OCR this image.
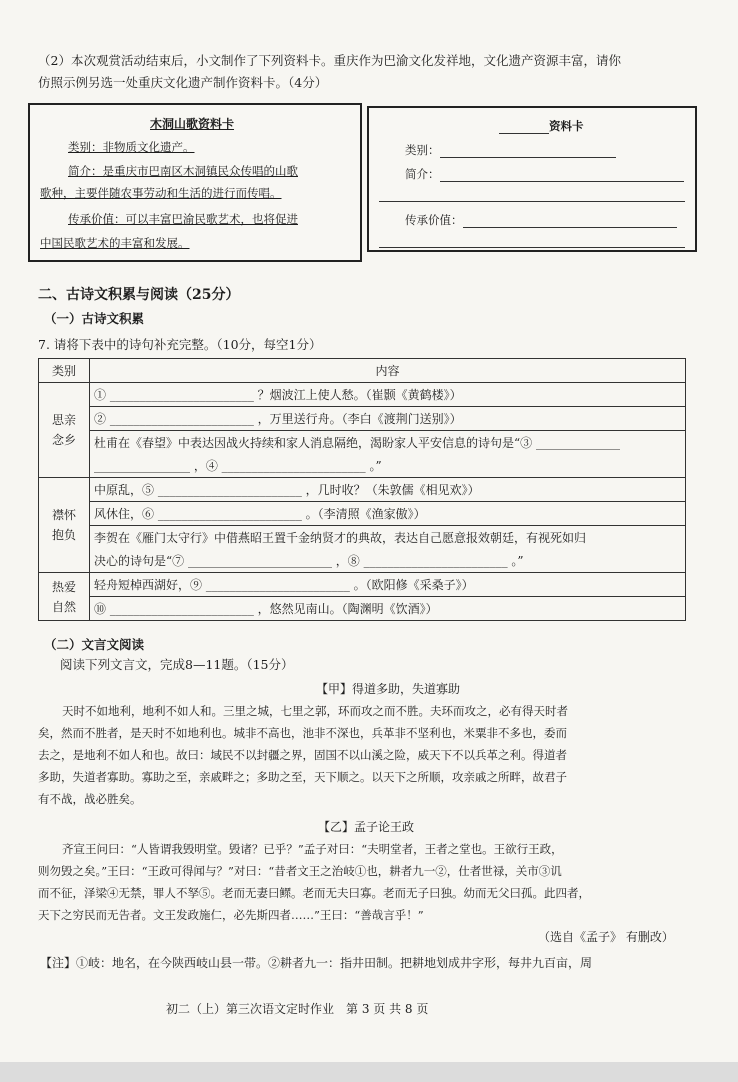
（2）本次观赏活动结束后，小文制作了下列资料卡。重庆作为巴渝文化发祥地，文化遗产资源丰富，请你
仿照示例另选一处重庆文化遗产制作资料卡。（4分）
木洞山歌资料卡
类别：非物质文化遗产。
简介：是重庆市巴南区木洞镇民众传唱的山歌
歌种，主要伴随农事劳动和生活的进行而传唱。
传承价值：可以丰富巴渝民歌艺术，也将促进
中国民歌艺术的丰富和发展。
资料卡
类别：
简介：
传承价值：
二、古诗文积累与阅读（25分）
（一）古诗文积累
7. 请将下表中的诗句补充完整。（10分，每空1分）
类别	内容
思亲
念乡	① ________________________ ？烟波江上使人愁。（崔颢《黄鹤楼》）
	② ________________________ ，万里送行舟。（李白《渡荆门送别》）
	杜甫在《春望》中表达因战火持续和家人消息隔绝，渴盼家人平安信息的诗句是“③ ______________
	________________ ，④ ________________________ 。”
襟怀
抱负	中原乱，⑤ ________________________ ，几时收？（朱敦儒《相见欢》）
	风休住，⑥ ________________________ 。（李清照《渔家傲》）
	李贺在《雁门太守行》中借燕昭王置千金纳贤才的典故，表达自己愿意报效朝廷，有视死如归
	决心的诗句是“⑦ ________________________ ，⑧ ________________________ 。”
热爱
自然	轻舟短棹西湖好，⑨ ________________________ 。（欧阳修《采桑子》）
	⑩ ________________________ ，悠然见南山。（陶渊明《饮酒》）
（二）文言文阅读
阅读下列文言文，完成8—11题。（15分）
【甲】得道多助，失道寡助
天时不如地利，地利不如人和。三里之城，七里之郭，环而攻之而不胜。夫环而攻之，必有得天时者
矣，然而不胜者，是天时不如地利也。城非不高也，池非不深也，兵革非不坚利也，米粟非不多也，委而
去之，是地利不如人和也。故曰：域民不以封疆之界，固国不以山溪之险，威天下不以兵革之利。得道者
多助，失道者寡助。寡助之至，亲戚畔之；多助之至，天下顺之。以天下之所顺，攻亲戚之所畔，故君子
有不战，战必胜矣。
【乙】孟子论王政
齐宣王问曰：“人皆谓我毁明堂。毁诸？已乎？”孟子对曰：“夫明堂者，王者之堂也。王欲行王政，
则勿毁之矣。”王曰：“王政可得闻与？”对曰：“昔者文王之治岐①也，耕者九一②，仕者世禄，关市③讥
而不征，泽梁④无禁，罪人不孥⑤。老而无妻曰鳏。老而无夫曰寡。老而无子曰独。幼而无父曰孤。此四者，
天下之穷民而无告者。文王发政施仁，必先斯四者……”王曰：“善哉言乎！”
（选自《孟子》 有删改）
【注】①岐：地名，在今陕西岐山县一带。②耕者九一：指井田制。把耕地划成井字形，每井九百亩，周
初二（上）第三次语文定时作业　第 3 页 共 8 页
